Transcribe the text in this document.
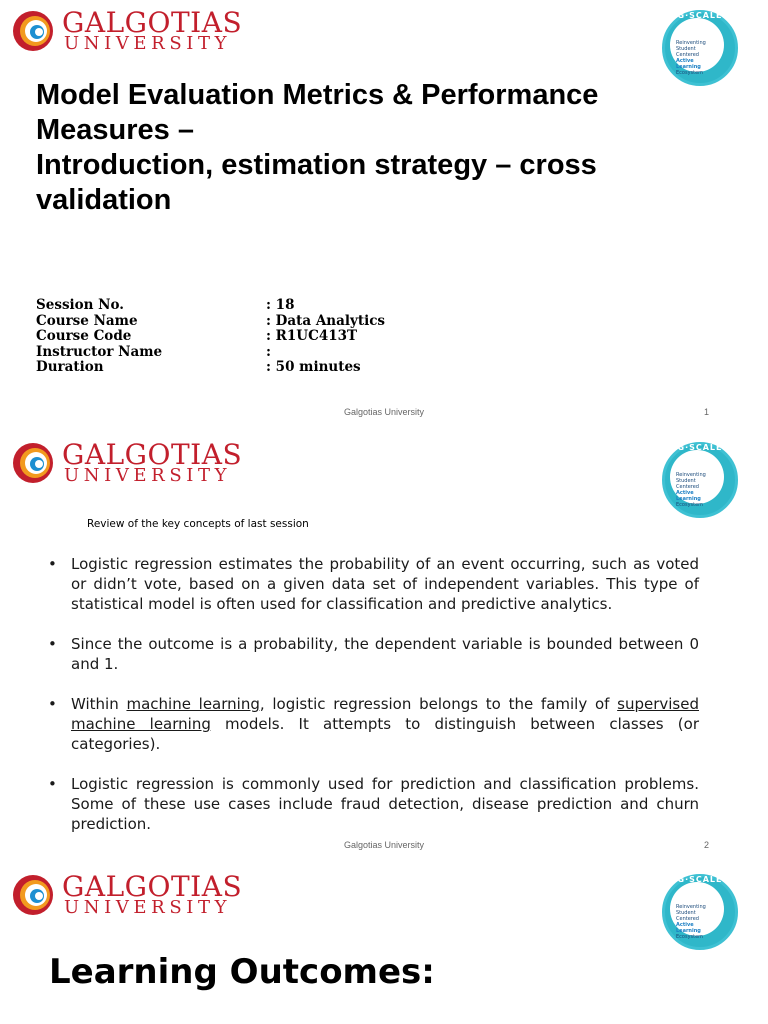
GALGOTIAS
UNIVERSITY
G·SCALE
Reinventing
Student Centered
Active Learning
Ecosystem
Model Evaluation Metrics & Performance
Measures –
Introduction, estimation strategy – cross
validation
Session No.	: 18
Course Name	: Data Analytics
Course Code	: R1UC413T
Instructor Name	:
Duration	: 50 minutes
Galgotias University	1
GALGOTIAS
UNIVERSITY
G·SCALE
Reinventing
Student Centered
Active Learning
Ecosystem
Review of the key concepts of last session
• Logistic regression estimates the probability of an event occurring, such as voted or didn’t vote, based on a given data set of independent variables. This type of statistical model is often used for classification and predictive analytics.
• Since the outcome is a probability, the dependent variable is bounded between 0 and 1.
• Within machine learning, logistic regression belongs to the family of supervised machine learning models. It attempts to distinguish between classes (or categories).
• Logistic regression is commonly used for prediction and classification problems. Some of these use cases include fraud detection, disease prediction and churn prediction.
Galgotias University	2
GALGOTIAS
UNIVERSITY
G·SCALE
Reinventing
Student Centered
Active Learning
Ecosystem
Learning Outcomes:
